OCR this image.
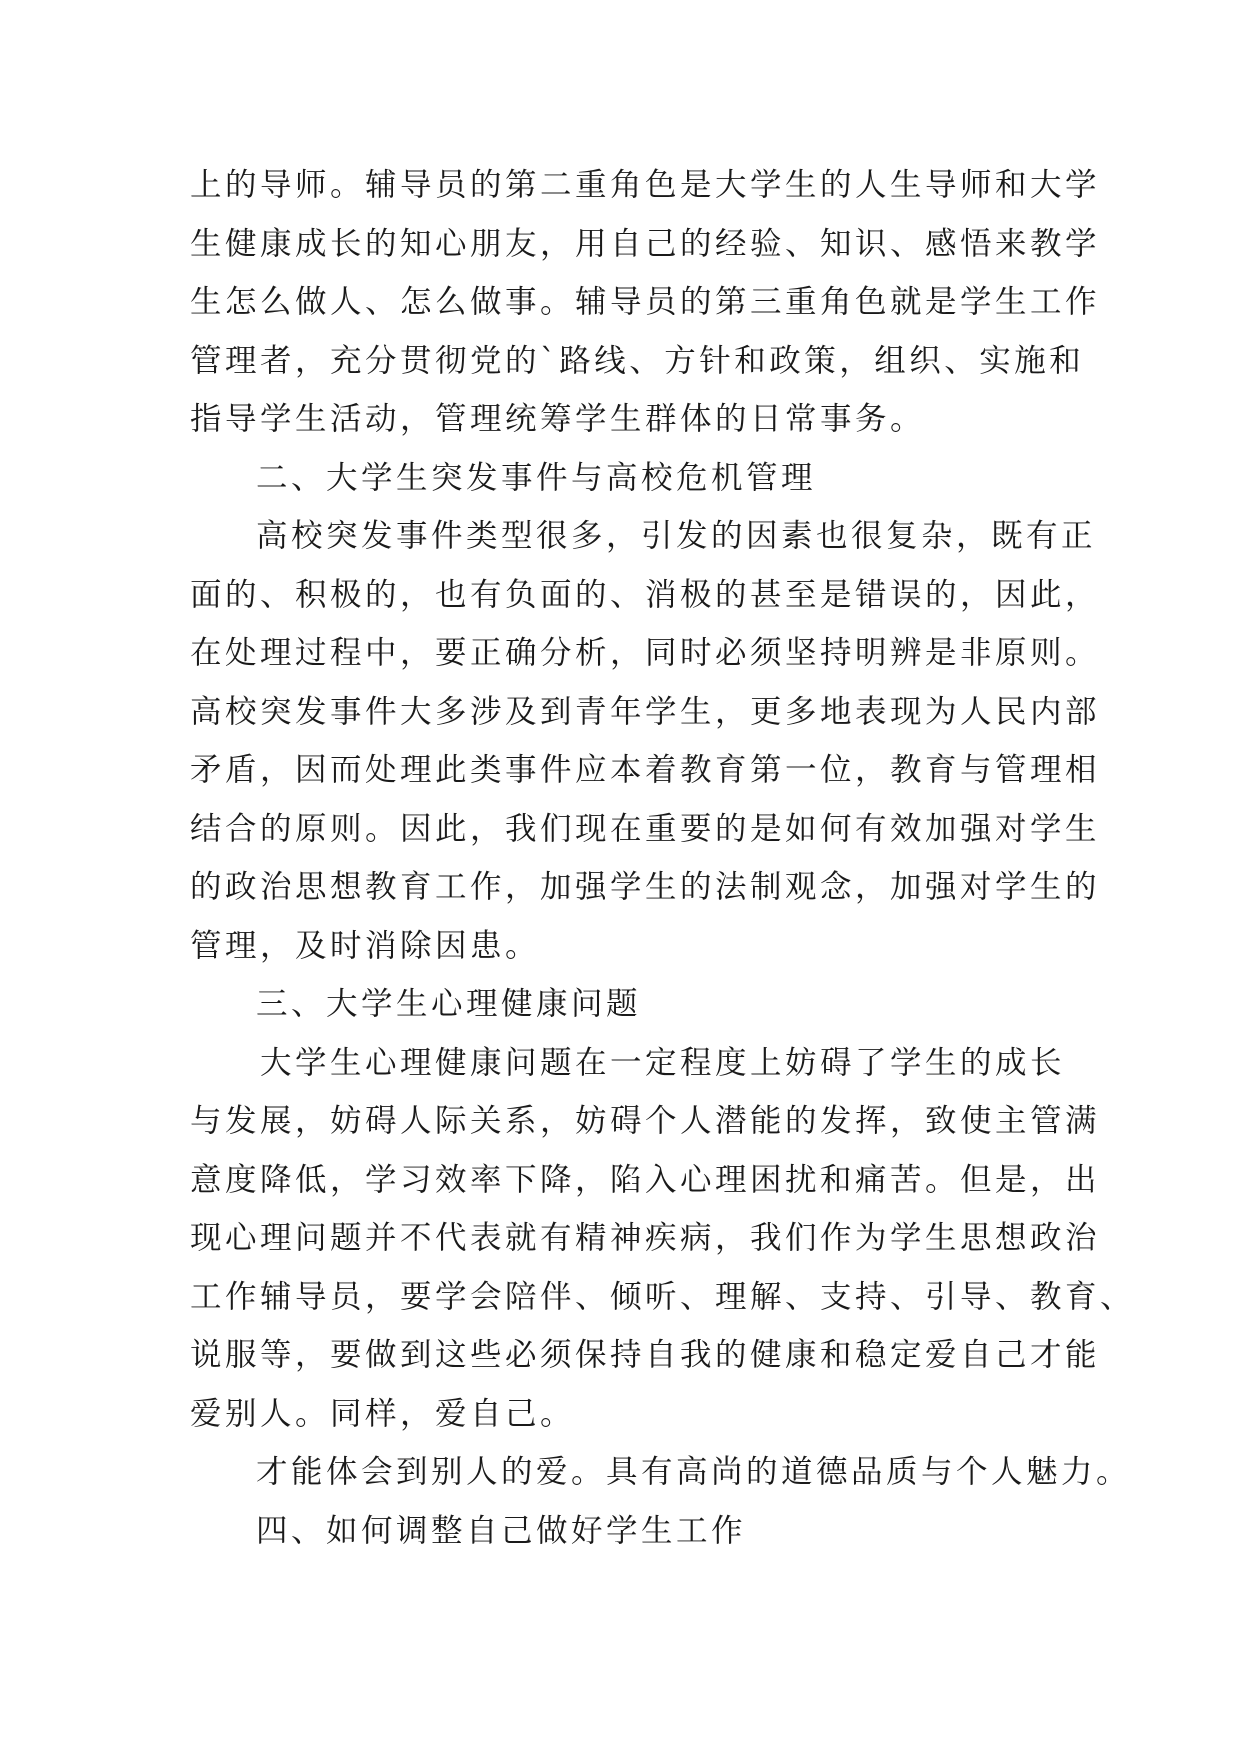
上的导师。辅导员的第二重角色是大学生的人生导师和大学
生健康成长的知心朋友，用自己的经验、知识、感悟来教学
生怎么做人、怎么做事。辅导员的第三重角色就是学生工作
管理者，充分贯彻党的`路线、方针和政策，组织、实施和
指导学生活动，管理统筹学生群体的日常事务。
二、大学生突发事件与高校危机管理
高校突发事件类型很多，引发的因素也很复杂，既有正
面的、积极的，也有负面的、消极的甚至是错误的，因此，
在处理过程中，要正确分析，同时必须坚持明辨是非原则。
高校突发事件大多涉及到青年学生，更多地表现为人民内部
矛盾，因而处理此类事件应本着教育第一位，教育与管理相
结合的原则。因此，我们现在重要的是如何有效加强对学生
的政治思想教育工作，加强学生的法制观念，加强对学生的
管理，及时消除因患。
三、大学生心理健康问题
大学生心理健康问题在一定程度上妨碍了学生的成长
与发展，妨碍人际关系，妨碍个人潜能的发挥，致使主管满
意度降低，学习效率下降，陷入心理困扰和痛苦。但是，出
现心理问题并不代表就有精神疾病，我们作为学生思想政治
工作辅导员，要学会陪伴、倾听、理解、支持、引导、教育、
说服等，要做到这些必须保持自我的健康和稳定爱自己才能
爱别人。同样，爱自己。
才能体会到别人的爱。具有高尚的道德品质与个人魅力。
四、如何调整自己做好学生工作
